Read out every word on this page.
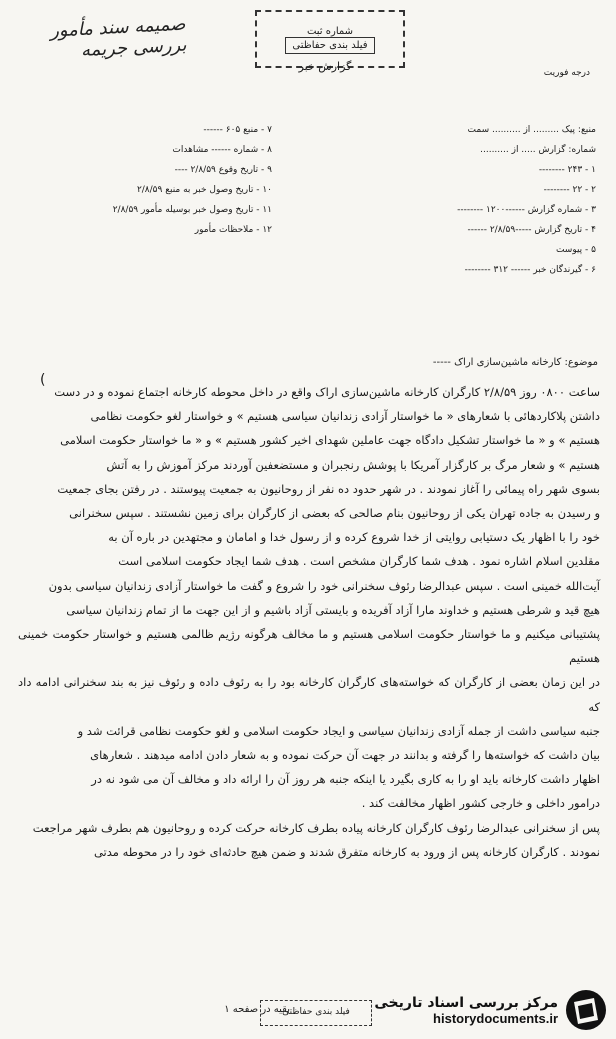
صمیمه سند مأمور بررسی جریمه
شماره ثبت
فیلد بندی حفاظتی
گزارش خبر	درجه فوریت
منبع: پیک ......... از .......... سمت
شماره: گزارش ..... از ..........
۱ - ۲۴۳ --------
۲ - ۲۲ --------
۳ - شماره گزارش ------۱۲۰۰ --------
۴ - تاریخ گزارش -----۲/۸/۵۹ ------
۵ - پیوست
۶ - گیرندگان خبر ------ ۳۱۲ --------
۷ - منبع ۶۰۵ ------
۸ - شماره ------ مشاهدات
۹ - تاریخ وقوع ۲/۸/۵۹ ----
۱۰ - تاریخ وصول خبر به منبع ۲/۸/۵۹
۱۱ - تاریخ وصول خبر بوسیله مأمور ۲/۸/۵۹
۱۲ - ملاحظات مأمور
موضوع: کارخانه ماشین‌سازی اراک -----
(

ساعت ۰۸۰۰ روز ۲/۸/۵۹ کارگران کارخانه ماشین‌سازی اراک واقع در داخل محوطه کارخانه اجتماع نموده و در دست

داشتن پلاکاردهائی با شعارهای « ما خواستار آزادی زندانیان سیاسی هستیم » و خواستار لغو حکومت نظامی

هستیم » و « ما خواستار تشکیل دادگاه جهت عاملین شهدای اخیر کشور هستیم » و « ما خواستار حکومت اسلامی

هستیم » و شعار مرگ بر کارگزار آمریکا با پوشش رنجبران و مستضعفین آوردند مرکز آموزش را به آتش

بسوی شهر راه پیمائی را آغاز نمودند . در شهر حدود ده نفر از روحانیون به جمعیت پیوستند . در رفتن بجای جمعیت

و رسیدن به جاده تهران یکی از روحانیون بنام صالحی که بعضی از کارگران برای زمین نشستند . سپس سخنرانی

خود را با اظهار یک دستیابی روایتی از خدا شروع کرده و از رسول خدا و امامان و مجتهدین در باره آن به

مقلدین اسلام اشاره نمود . هدف شما کارگران مشخص است . هدف شما ایجاد حکومت اسلامی است

آیت‌الله خمینی است . سپس عبدالرضا رئوف سخنرانی خود را شروع و گفت ما خواستار آزادی زندانیان سیاسی بدون

هیچ قید و شرطی هستیم و خداوند مارا آزاد آفریده و بایستی آزاد باشیم و از این جهت ما از تمام زندانیان سیاسی

پشتیبانی میکنیم و ما خواستار حکومت اسلامی هستیم و ما مخالف هرگونه رژیم ظالمی هستیم و خواستار حکومت خمینی هستیم

در این زمان بعضی از کارگران که خواسته‌های کارگران کارخانه بود را به رئوف داده و رئوف نیز به بند سخنرانی ادامه داد که

جنبه سیاسی داشت از جمله آزادی زندانیان سیاسی و ایجاد حکومت اسلامی و لغو حکومت نظامی قرائت شد و

بیان داشت که خواسته‌ها را گرفته و بدانند در جهت آن حرکت نموده و به شعار دادن ادامه میدهند . شعارهای

اظهار داشت کارخانه باید او را به کاری بگیرد یا اینکه جنبه هر روز آن را ارائه داد و مخالف آن می شود نه در

درامور داخلی و خارجی کشور اظهار مخالفت کند .

پس از سخنرانی عبدالرضا رئوف کارگران کارخانه پیاده بطرف کارخانه حرکت کرده و روحانیون هم بطرف شهر مراجعت

نمودند . کارگران کارخانه پس از ورود به کارخانه متفرق شدند و ضمن هیچ حادثه‌ای خود را در محوطه مدتی

بقیه در صفحه ۱
فیلد بندی حفاظتی
مرکز بررسی اسناد تاریخی
historydocuments.ir
